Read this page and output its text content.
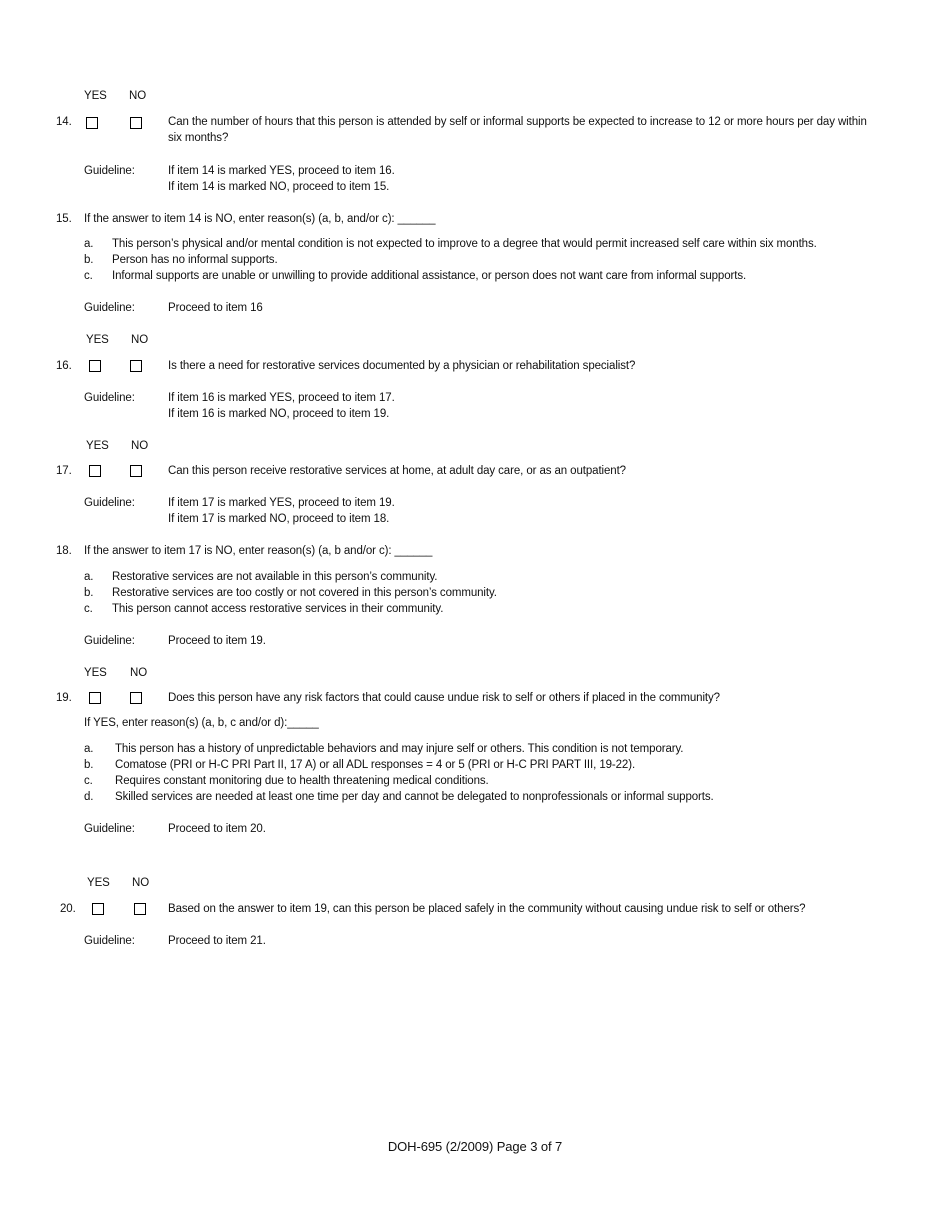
YES NO
14.	Can the number of hours that this person is attended by self or informal supports be expected to increase to 12 or more hours per day within
six months?
Guideline:	If item 14 is marked YES, proceed to item 16.
If item 14 is marked NO, proceed to item 15.
15. If the answer to item 14 is NO, enter reason(s) (a, b, and/or c): ______
a. This person’s physical and/or mental condition is not expected to improve to a degree that would permit increased self care within six months.
b. Person has no informal supports.
c. Informal supports are unable or unwilling to provide additional assistance, or person does not want care from informal supports.
Guideline:	Proceed to item 16
YES NO
16.	Is there a need for restorative services documented by a physician or rehabilitation specialist?
Guideline:	If item 16 is marked YES, proceed to item 17.
If item 16 is marked NO, proceed to item 19.
YES NO
17.	Can this person receive restorative services at home, at adult day care, or as an outpatient?
Guideline:	If item 17 is marked YES, proceed to item 19.
If item 17 is marked NO, proceed to item 18.
18. If the answer to item 17 is NO, enter reason(s) (a, b and/or c): ______
a. Restorative services are not available in this person’s community.
b. Restorative services are too costly or not covered in this person’s community.
c. This person cannot access restorative services in their community.
Guideline:	Proceed to item 19.
YES NO
19.	Does this person have any risk factors that could cause undue risk to self or others if placed in the community?
If YES, enter reason(s) (a, b, c and/or d):_____
a. This person has a history of unpredictable behaviors and may injure self or others. This condition is not temporary.
b. Comatose (PRI or H-C PRI Part II, 17 A) or all ADL responses = 4 or 5 (PRI or H-C PRI PART III, 19-22).
c. Requires constant monitoring due to health threatening medical conditions.
d. Skilled services are needed at least one time per day and cannot be delegated to nonprofessionals or informal supports.
Guideline:	Proceed to item 20.
YES NO
20.	Based on the answer to item 19, can this person be placed safely in the community without causing undue risk to self or others?
Guideline:	Proceed to item 21.
DOH-695 (2/2009) Page 3 of 7
